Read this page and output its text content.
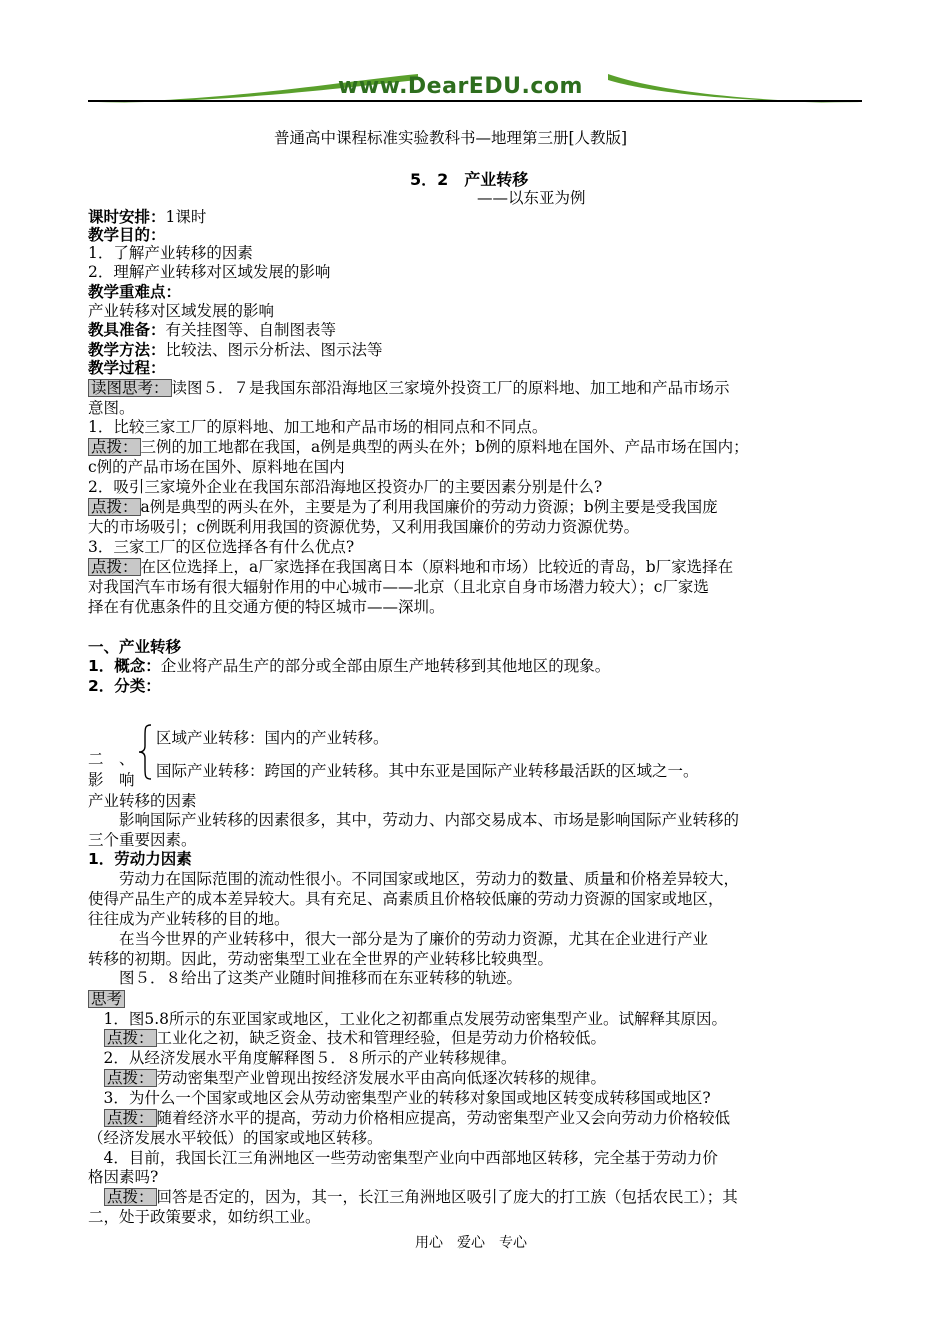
www.DearEDU.com
普通高中课程标准实验教科书—地理第三册[人教版]
5．2　产业转移
——以东亚为例
课时安排：1课时
教学目的：
1．了解产业转移的因素
2．理解产业转移对区域发展的影响
教学重难点：
产业转移对区域发展的影响
教具准备：有关挂图等、自制图表等
教学方法：比较法、图示分析法、图示法等
教学过程：
读图思考： 读图５．７是我国东部沿海地区三家境外投资工厂的原料地、加工地和产品市场示
意图。
1．比较三家工厂的原料地、加工地和产品市场的相同点和不同点。
点拨： 三例的加工地都在我国，a例是典型的两头在外；b例的原料地在国外、产品市场在国内；
c例的产品市场在国外、原料地在国内
2．吸引三家境外企业在我国东部沿海地区投资办厂的主要因素分别是什么?
点拨： a例是典型的两头在外，主要是为了利用我国廉价的劳动力资源；b例主要是受我国庞
大的市场吸引；c例既利用我国的资源优势，又利用我国廉价的劳动力资源优势。
3．三家工厂的区位选择各有什么优点?
点拨： 在区位选择上，a厂家选择在我国离日本（原料地和市场）比较近的青岛，b厂家选择在
对我国汽车市场有很大辐射作用的中心城市——北京（且北京自身市场潜力较大）；c厂家选
择在有优惠条件的且交通方便的特区城市——深圳。
一、产业转移
1．概念：企业将产品生产的部分或全部由原生产地转移到其他地区的现象。
2．分类：
区域产业转移：国内的产业转移。
国际产业转移：跨国的产业转移。其中东亚是国际产业转移最活跃的区域之一。
二　、
影　响
产业转移的因素
　　影响国际产业转移的因素很多，其中，劳动力、内部交易成本、市场是影响国际产业转移的
三个重要因素。
1．劳动力因素
　　劳动力在国际范围的流动性很小。不同国家或地区，劳动力的数量、质量和价格差异较大，
使得产品生产的成本差异较大。具有充足、高素质且价格较低廉的劳动力资源的国家或地区，
往往成为产业转移的目的地。
　　在当今世界的产业转移中，很大一部分是为了廉价的劳动力资源，尤其在企业进行产业
转移的初期。因此，劳动密集型工业在全世界的产业转移比较典型。
　　图５．８给出了这类产业随时间推移而在东亚转移的轨迹。
思考
　1．图5.8所示的东亚国家或地区，工业化之初都重点发展劳动密集型产业。试解释其原因。
点拨： 工业化之初，缺乏资金、技术和管理经验，但是劳动力价格较低。
　2．从经济发展水平角度解释图５．８所示的产业转移规律。
点拨： 劳动密集型产业曾现出按经济发展水平由高向低逐次转移的规律。
　3．为什么一个国家或地区会从劳动密集型产业的转移对象国或地区转变成转移国或地区?
点拨： 随着经济水平的提高，劳动力价格相应提高，劳动密集型产业又会向劳动力价格较低
（经济发展水平较低）的国家或地区转移。
　4．目前，我国长江三角洲地区一些劳动密集型产业向中西部地区转移，完全基于劳动力价
格因素吗?
点拨： 回答是否定的，因为，其一，长江三角洲地区吸引了庞大的打工族（包括农民工）；其
二，处于政策要求，如纺织工业。
用心　爱心　专心
